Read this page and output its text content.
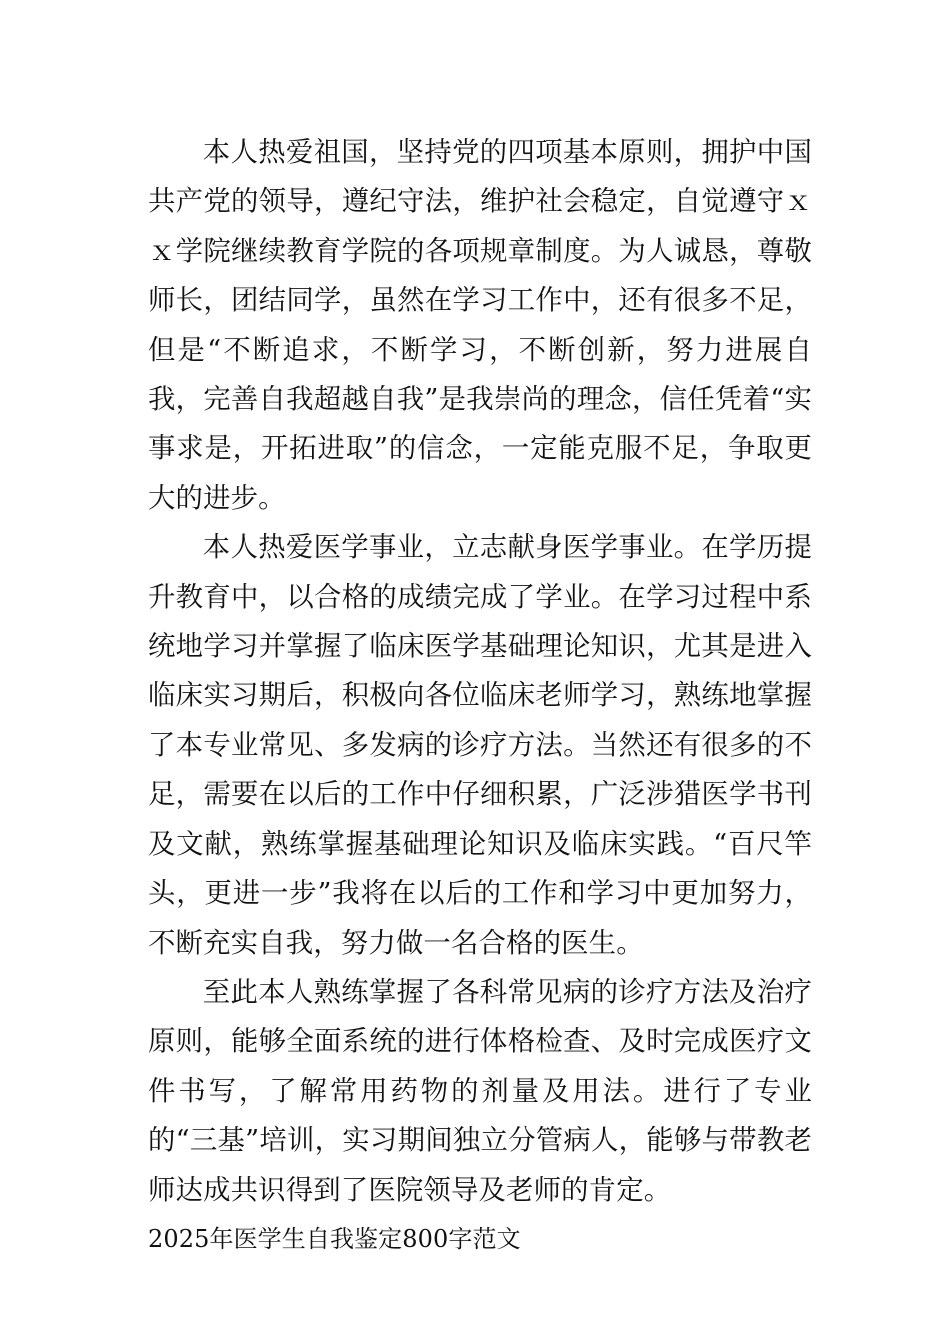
本人热爱祖国，坚持党的四项基本原则，拥护中国共产党的领导，遵纪守法，维护社会稳定，自觉遵守ｘｘ学院继续教育学院的各项规章制度。为人诚恳，尊敬师长，团结同学，虽然在学习工作中，还有很多不足，但是“不断追求，不断学习，不断创新，努力进展自我，完善自我超越自我”是我崇尚的理念，信任凭着“实事求是，开拓进取”的信念，一定能克服不足，争取更大的进步。

本人热爱医学事业，立志献身医学事业。在学历提升教育中，以合格的成绩完成了学业。在学习过程中系统地学习并掌握了临床医学基础理论知识，尤其是进入临床实习期后，积极向各位临床老师学习，熟练地掌握了本专业常见、多发病的诊疗方法。当然还有很多的不足，需要在以后的工作中仔细积累，广泛涉猎医学书刊及文献，熟练掌握基础理论知识及临床实践。“百尺竿头，更进一步”我将在以后的工作和学习中更加努力，不断充实自我，努力做一名合格的医生。

至此本人熟练掌握了各科常见病的诊疗方法及治疗原则，能够全面系统的进行体格检查、及时完成医疗文件书写，了解常用药物的剂量及用法。进行了专业的“三基”培训，实习期间独立分管病人，能够与带教老师达成共识得到了医院领导及老师的肯定。

2025年医学生自我鉴定800字范文
